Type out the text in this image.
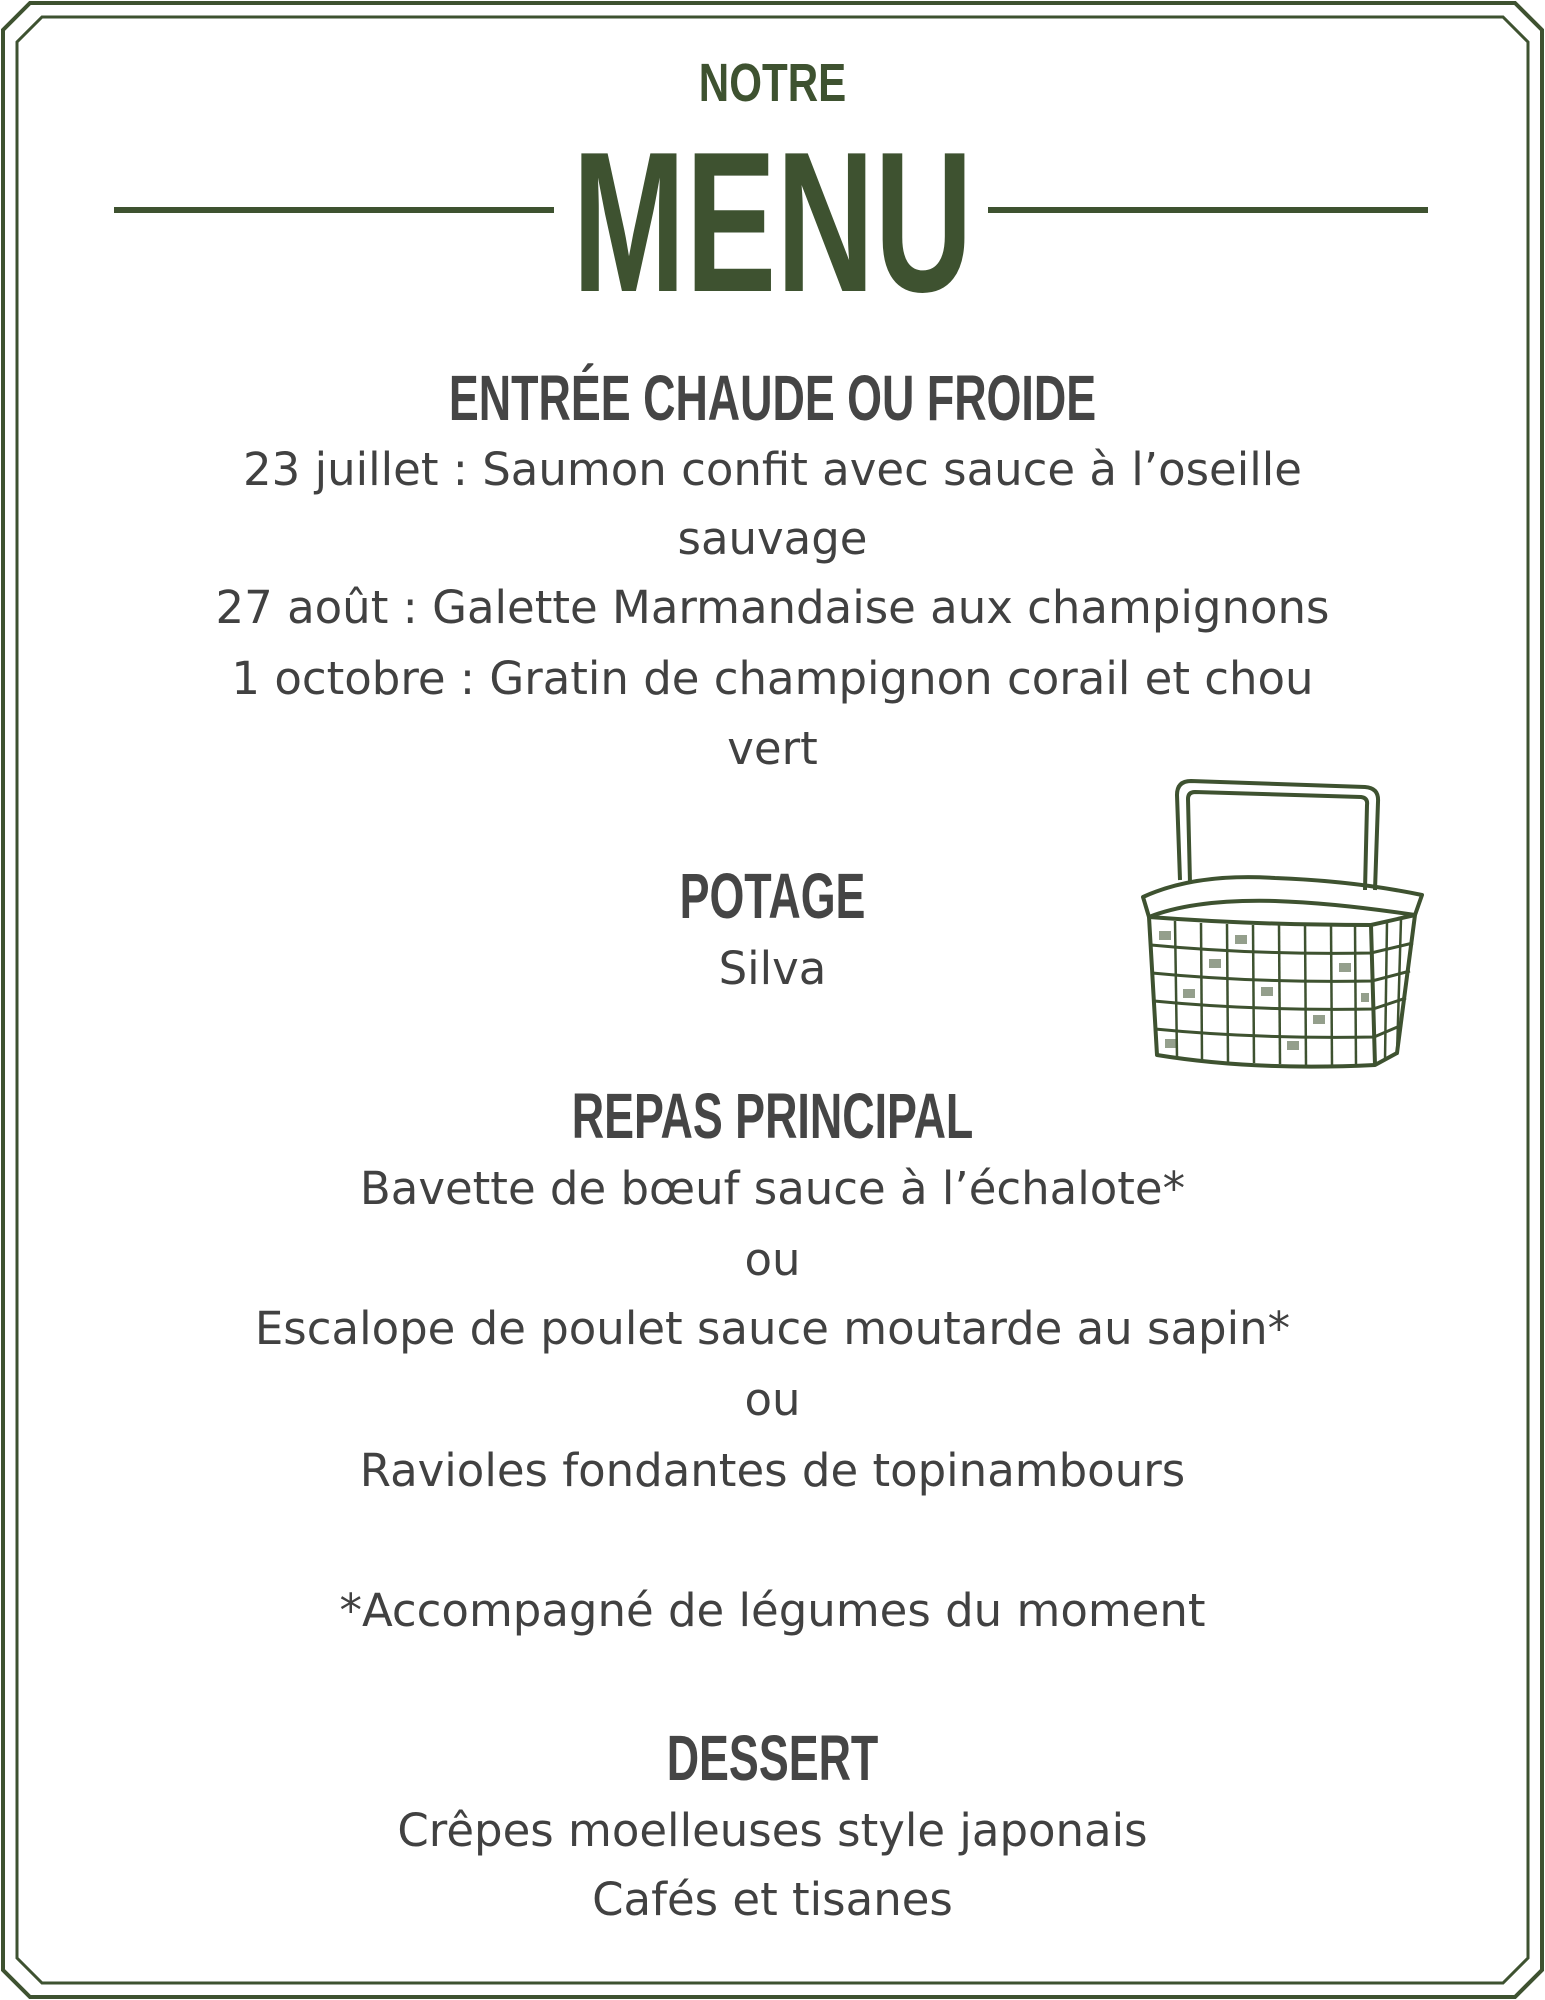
NOTRE
MENU
ENTRÉE CHAUDE OU FROIDE
23 juillet : Saumon confit avec sauce à l’oseille
sauvage
27 août : Galette Marmandaise aux champignons
1 octobre : Gratin de champignon corail et chou
vert
POTAGE
Silva
REPAS PRINCIPAL
Bavette de bœuf sauce à l’échalote*
ou
Escalope de poulet sauce moutarde au sapin*
ou
Ravioles fondantes de topinambours
*Accompagné de légumes du moment
DESSERT
Crêpes moelleuses style japonais
Cafés et tisanes
